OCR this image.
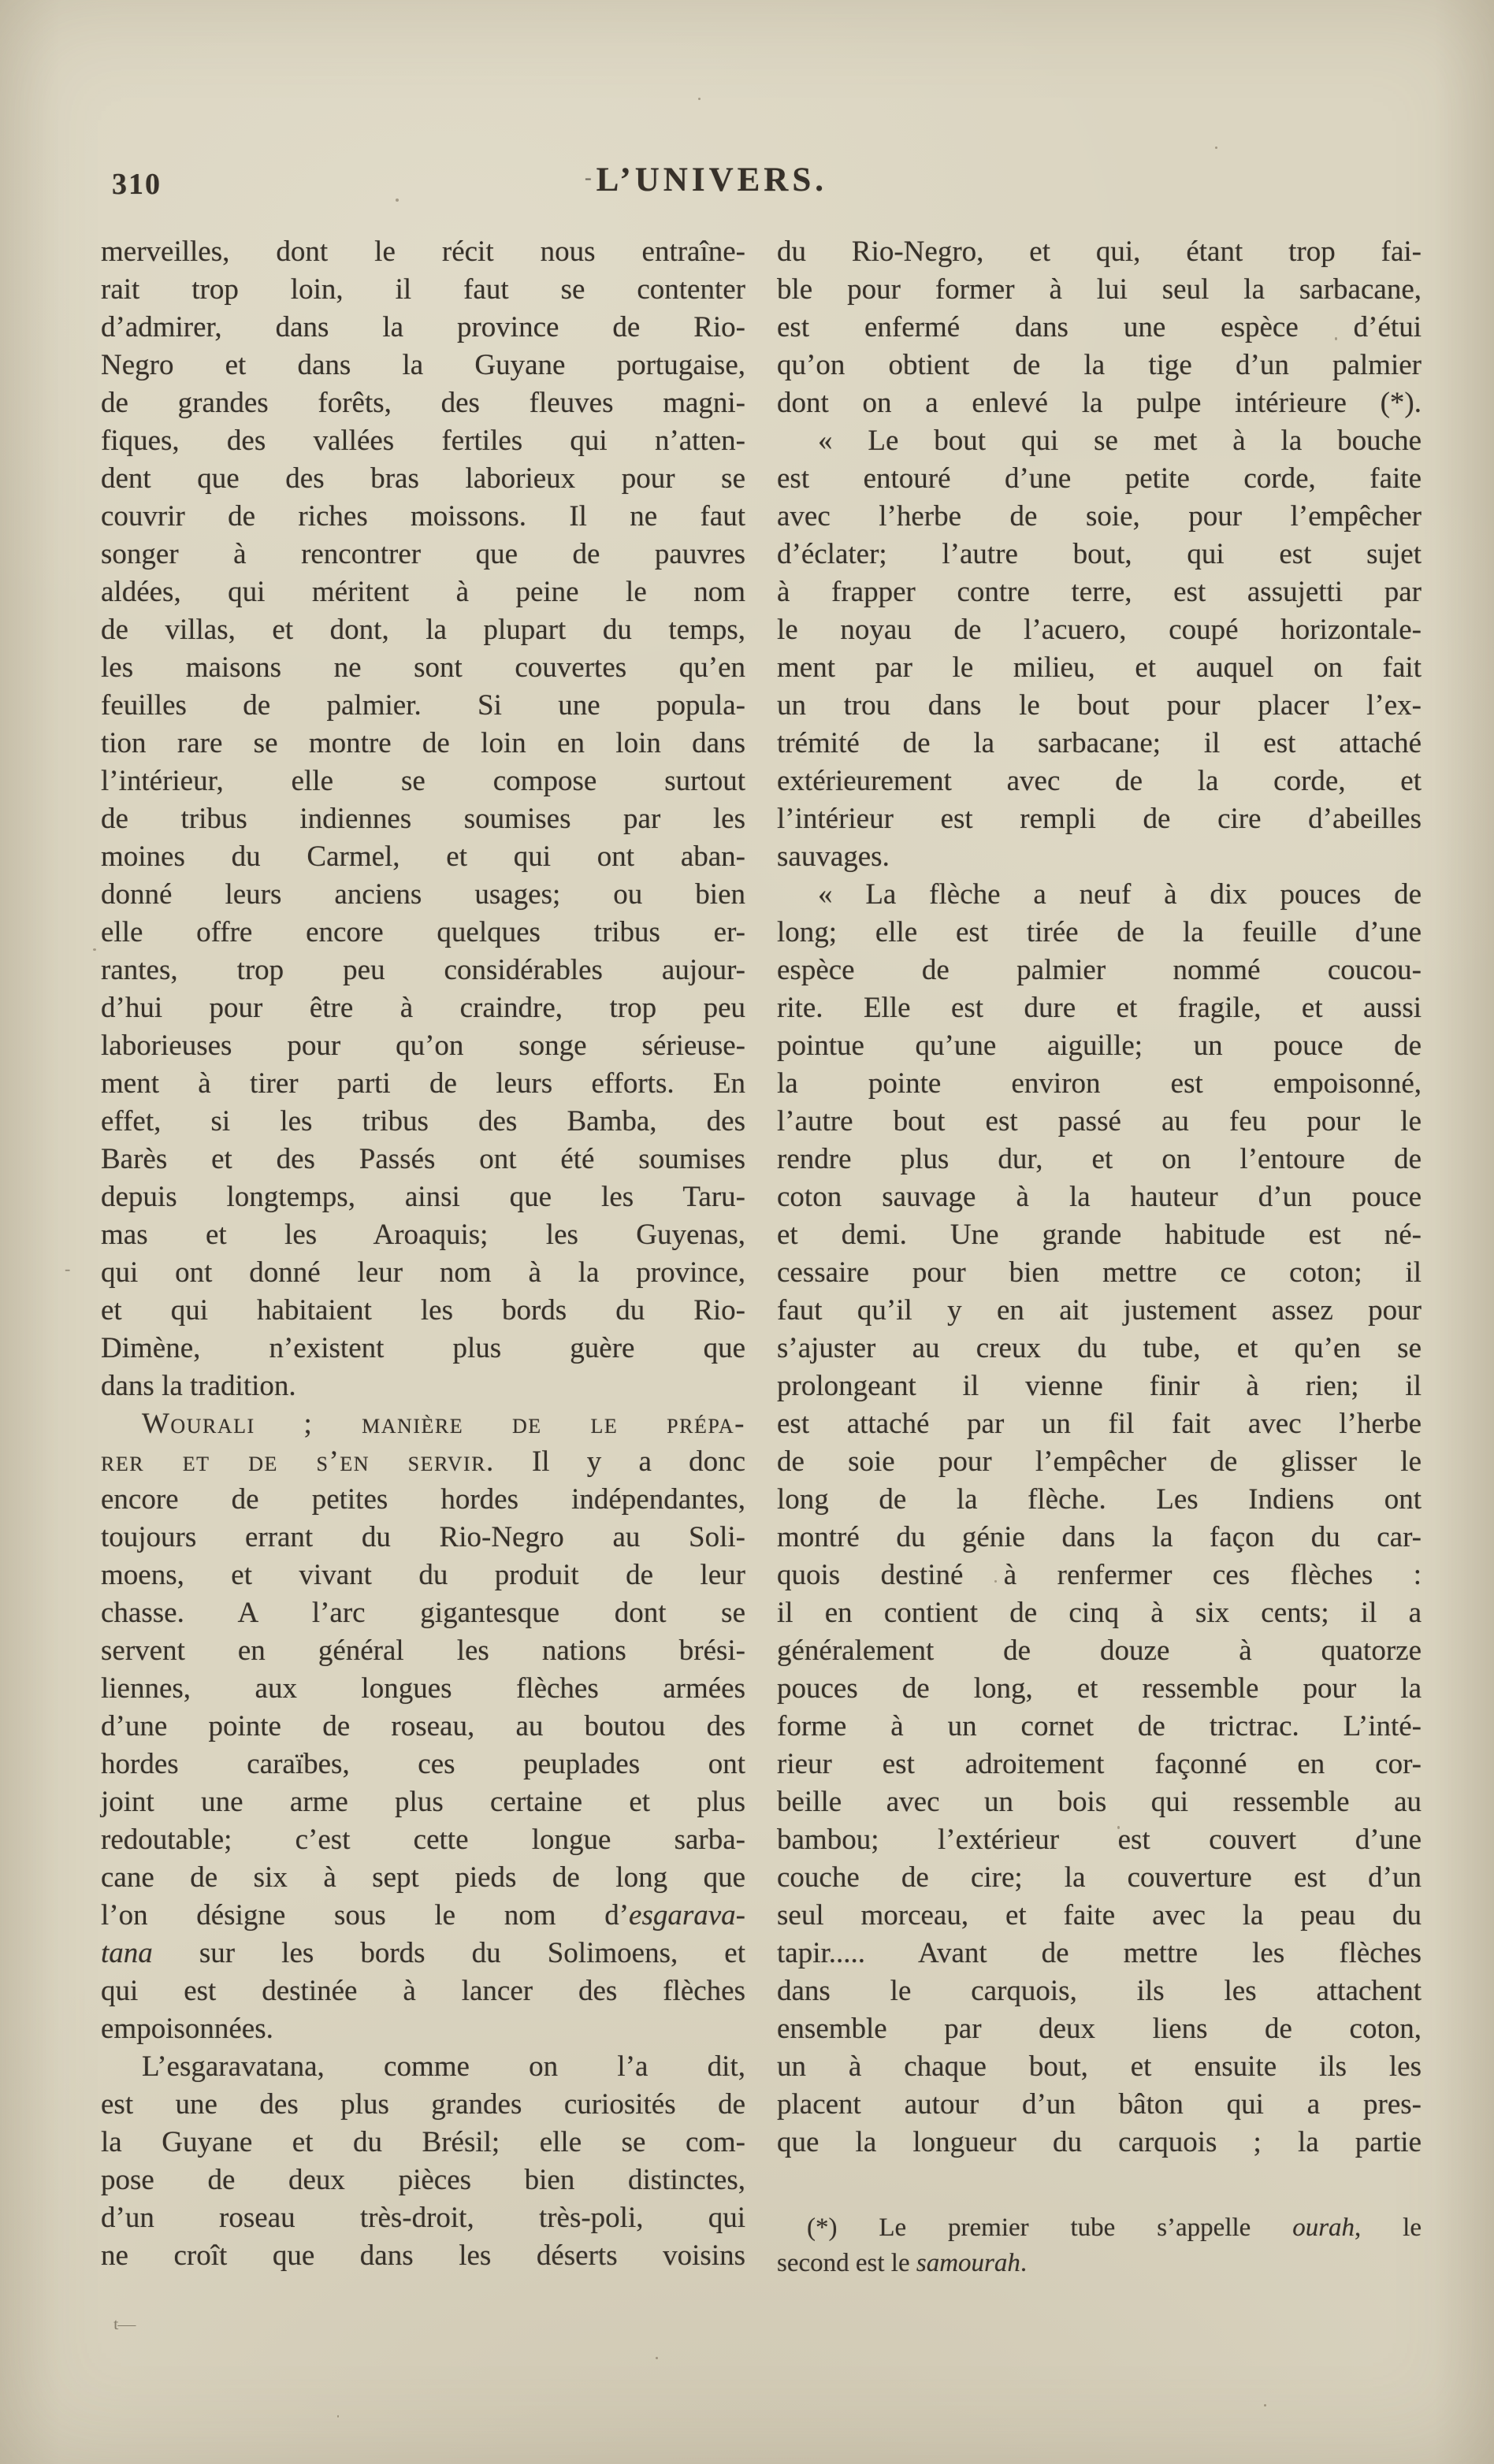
310	- L’UNIVERS.
merveilles, dont le récit nous entraîne-
rait trop loin, il faut se contenter
d’admirer, dans la province de Rio-
Negro et dans la Guyane portugaise,
de grandes forêts, des fleuves magni-
fiques, des vallées fertiles qui n’atten-
dent que des bras laborieux pour se
couvrir de riches moissons. Il ne faut
songer à rencontrer que de pauvres
aldées, qui méritent à peine le nom
de villas, et dont, la plupart du temps,
les maisons ne sont couvertes qu’en
feuilles de palmier. Si une popula-
tion rare se montre de loin en loin dans
l’intérieur, elle se compose surtout
de tribus indiennes soumises par les
moines du Carmel, et qui ont aban-
donné leurs anciens usages; ou bien
elle offre encore quelques tribus er-
rantes, trop peu considérables aujour-
d’hui pour être à craindre, trop peu
laborieuses pour qu’on songe sérieuse-
ment à tirer parti de leurs efforts. En
effet, si les tribus des Bamba, des
Barès et des Passés ont été soumises
depuis longtemps, ainsi que les Taru-
mas et les Aroaquis; les Guyenas,
qui ont donné leur nom à la province,
et qui habitaient les bords du Rio-
Dimène, n’existent plus guère que
dans la tradition.
Wourali ; manière de le prépa-
rer et de s’en servir. Il y a donc
encore de petites hordes indépendantes,
toujours errant du Rio-Negro au Soli-
moens, et vivant du produit de leur
chasse. A l’arc gigantesque dont se
servent en général les nations brési-
liennes, aux longues flèches armées
d’une pointe de roseau, au boutou des
hordes caraïbes, ces peuplades ont
joint une arme plus certaine et plus
redoutable; c’est cette longue sarba-
cane de six à sept pieds de long que
l’on désigne sous le nom d’esgarava-
tana sur les bords du Solimoens, et
qui est destinée à lancer des flèches
empoisonnées.
L’esgaravatana, comme on l’a dit,
est une des plus grandes curiosités de
la Guyane et du Brésil; elle se com-
pose de deux pièces bien distinctes,
d’un roseau très-droit, très-poli, qui
ne croît que dans les déserts voisins
du Rio-Negro, et qui, étant trop fai-
ble pour former à lui seul la sarbacane,
est enfermé dans une espèce d’étui
qu’on obtient de la tige d’un palmier
dont on a enlevé la pulpe intérieure (*).
« Le bout qui se met à la bouche
est entouré d’une petite corde, faite
avec l’herbe de soie, pour l’empêcher
d’éclater; l’autre bout, qui est sujet
à frapper contre terre, est assujetti par
le noyau de l’acuero, coupé horizontale-
ment par le milieu, et auquel on fait
un trou dans le bout pour placer l’ex-
trémité de la sarbacane; il est attaché
extérieurement avec de la corde, et
l’intérieur est rempli de cire d’abeilles
sauvages.
« La flèche a neuf à dix pouces de
long; elle est tirée de la feuille d’une
espèce de palmier nommé coucou-
rite. Elle est dure et fragile, et aussi
pointue qu’une aiguille; un pouce de
la pointe environ est empoisonné,
l’autre bout est passé au feu pour le
rendre plus dur, et on l’entoure de
coton sauvage à la hauteur d’un pouce
et demi. Une grande habitude est né-
cessaire pour bien mettre ce coton; il
faut qu’il y en ait justement assez pour
s’ajuster au creux du tube, et qu’en se
prolongeant il vienne finir à rien; il
est attaché par un fil fait avec l’herbe
de soie pour l’empêcher de glisser le
long de la flèche. Les Indiens ont
montré du génie dans la façon du car-
quois destiné à renfermer ces flèches :
il en contient de cinq à six cents; il a
généralement de douze à quatorze
pouces de long, et ressemble pour la
forme à un cornet de trictrac. L’inté-
rieur est adroitement façonné en cor-
beille avec un bois qui ressemble au
bambou; l’extérieur est couvert d’une
couche de cire; la couverture est d’un
seul morceau, et faite avec la peau du
tapir..... Avant de mettre les flèches
dans le carquois, ils les attachent
ensemble par deux liens de coton,
un à chaque bout, et ensuite ils les
placent autour d’un bâton qui a pres-
que la longueur du carquois ; la partie
(*) Le premier tube s’appelle ourah, le
second est le samourah.
-
t—
